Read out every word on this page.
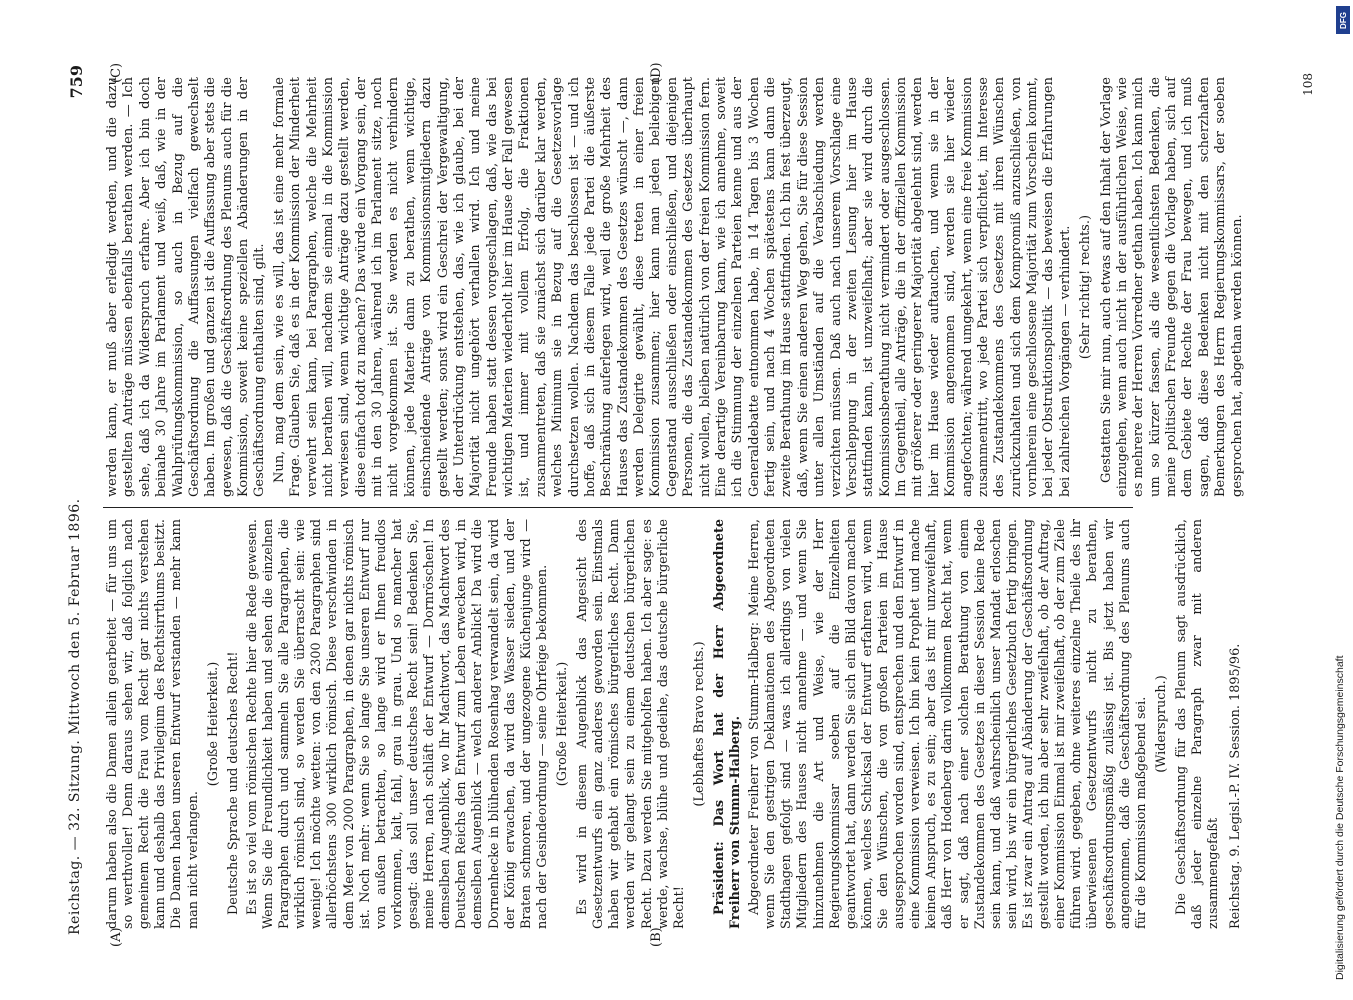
Reichstag. — 32. Sitzung. Mittwoch den 5. Februar 1896.
759
(A)	(B)
(C)	(D)

darum haben also die Damen allein gearbeitet — für uns um so werthvoller! Denn daraus sehen wir, daß folglich nach gemeinem Recht die Frau vom Recht gar nichts verstehen kann und deshalb das Privilegium des Rechtsirrthums besitzt. Die Damen haben unseren Entwurf verstanden — mehr kann man nicht verlangen.

(Große Heiterkeit.) Deutsche Sprache und deutsches Recht! Es ist so viel vom römischen Rechte hier die Rede gewesen. Wenn Sie die Freundlichkeit haben und sehen die einzelnen Paragraphen durch und sammeln Sie alle Paragraphen, die wirklich römisch sind, so werden Sie überrascht sein: wie wenige! Ich möchte wetten: von den 2300 Paragraphen sind allerhöchstens 300 wirklich römisch. Diese verschwinden in dem Meer von 2000 Paragraphen, in denen gar nichts römisch ist. Noch mehr: wenn Sie so lange Sie unseren Entwurf nur von außen betrachten, so lange wird er Ihnen freudlos vorkommen, kalt, fahl, grau in grau. Und so mancher hat gesagt: das soll unser deutsches Recht sein! Bedenken Sie, meine Herren, nach schläft der Entwurf — Dornröschen! In demselben Augenblick, wo Ihr Machtwort, das Machtwort des Deutschen Reichs den Entwurf zum Leben erwecken wird, in demselben Augenblick — welch anderer Anblick! Da wird die Dornenhecke in blühenden Rosenhag verwandelt sein, da wird der König erwachen, da wird das Wasser sieden, und der Braten schmoren, und der ungezogene Küchenjunge wird — nach der Gesindeordnung — seine Ohrfeige bekommen. (Große Heiterkeit.) Es wird in diesem Augenblick das Angesicht des Gesetzentwurfs ein ganz anderes geworden sein. Einstmals haben wir gehabt ein römisches bürgerliches Recht. Dann werden wir gelangt sein zu einem deutschen bürgerlichen Recht. Dazu werden Sie mitgeholfen haben. Ich aber sage: es werde, wachse, blühe und gedeihe, das deutsche bürgerliche Recht!

(Lebhaftes Bravo rechts.) Präsident: Das Wort hat der Herr Abgeordnete Freiherr von Stumm-Halberg. Abgeordneter Freiherr von Stumm-Halberg: Meine Herren, wenn Sie den gestrigen Deklamationen des Abgeordneten Stadthagen gefolgt sind — was ich allerdings von vielen Mitgliedern des Hauses nicht annehme — und wenn Sie hinzunehmen die Art und Weise, wie der Herr Regierungskommissar soeben auf die Einzelheiten geantwortet hat, dann werden Sie sich ein Bild davon machen können, welches Schicksal der Entwurf erfahren wird, wenn Sie den Wünschen, die von großen Parteien im Hause ausgesprochen worden sind, entsprechen und den Entwurf in eine Kommission verweisen. Ich bin kein Prophet und mache keinen Anspruch, es zu sein; aber das ist mir unzweifelhaft, daß Herr von Hodenberg darin vollkommen Recht hat, wenn er sagt, daß nach einer solchen Berathung von einem Zustandekommen des Gesetzes in dieser Session keine Rede sein kann, und daß wahrscheinlich unser Mandat erloschen sein wird, bis wir ein bürgerliches Gesetzbuch fertig bringen. Es ist zwar ein Antrag auf Abänderung der Geschäftsordnung gestellt worden, ich bin aber sehr zweifelhaft, ob der Auftrag, einer Kommission Einmal ist mir zweifelhaft, ob der zum Ziele führen wird. gegeben, ohne weiteres einzelne Theile des ihr überwiesenen Gesetzentwurfs nicht zu berathen, geschäftsordnungsmäßig zulässig ist. Bis jetzt haben wir angenommen, daß die Geschäftsordnung des Plenums auch für die Kommission maßgebend sei. (Widerspruch.) Die Geschäftsordnung für das Plenum sagt ausdrücklich, daß jeder einzelne Paragraph zwar mit anderen zusammengefaßt Reichstag. 9. Legisl.-P. IV. Session. 1895/96.

werden kann, er muß aber erledigt werden, und die dazu gestellten Anträge müssen ebenfalls berathen werden. — Ich sehe, daß ich da Widerspruch erfahre. Aber ich bin doch beinahe 30 Jahre im Parlament und weiß, daß, wie in der Wahlprüfungskommission, so auch in Bezug auf die Geschäftsordnung die Auffassungen vielfach gewechselt haben. Im großen und ganzen ist die Auffassung aber stets die gewesen, daß die Geschäftsordnung des Plenums auch für die Kommission, soweit keine speziellen Abänderungen in der Geschäftsordnung enthalten sind, gilt. Nun, mag dem sein, wie es will, das ist eine mehr formale Frage. Glauben Sie, daß es in der Kommission der Minderheit verwehrt sein kann, bei Paragraphen, welche die Mehrheit nicht berathen will, nachdem sie einmal in die Kommission verwiesen sind, wenn wichtige Anträge dazu gestellt werden, diese einfach todt zu machen? Das würde ein Vorgang sein, der mit in den 30 Jahren, während ich im Parlament sitze, noch nicht vorgekommen ist. Sie werden es nicht verhindern können, jede Materie dann zu berathen, wenn wichtige, einschneidende Anträge von Kommissionsmitgliedern dazu gestellt werden; sonst wird ein Geschrei der Vergewaltigung, der Unterdrückung entstehen, das, wie ich glaube, bei der Majorität nicht ungehört verhallen wird. Ich und meine Freunde haben statt dessen vorgeschlagen, daß, wie das bei wichtigen Materien wiederholt hier im Hause der Fall gewesen ist, und immer mit vollem Erfolg, die Fraktionen zusammentreten, daß sie zunächst sich darüber klar werden, welches Minimum sie in Bezug auf die Gesetzesvorlage durchsetzen wollen. Nachdem das beschlossen ist — und ich hoffe, daß sich in diesem Falle jede Partei die äußerste Beschränkung auferlegen wird, weil die große Mehrheit des Hauses das Zustandekommen des Gesetzes wünscht —, dann werden Delegirte gewählt, diese treten in einer freien Kommission zusammen; hier kann man jeden beliebigen Gegenstand ausschließen oder einschließen, und diejenigen Personen, die das Zustandekommen des Gesetzes überhaupt nicht wollen, bleiben natürlich von der freien Kommission fern. Eine derartige Vereinbarung kann, wie ich annehme, soweit ich die Stimmung der einzelnen Parteien kenne und aus der Generaldebatte entnommen habe, in 14 Tagen bis 3 Wochen fertig sein, und nach 4 Wochen spätestens kann dann die zweite Berathung im Hause stattfinden. Ich bin fest überzeugt, daß, wenn Sie einen anderen Weg gehen, Sie für diese Session unter allen Umständen auf die Verabschiedung werden verzichten müssen. Daß auch nach unserem Vorschlage eine Verschleppung in der zweiten Lesung hier im Hause stattfinden kann, ist unzweifelhaft; aber sie wird durch die Kommissionsberathung nicht vermindert oder ausgeschlossen. Im Gegentheil, alle Anträge, die in der offiziellen Kommission mit größerer oder geringerer Majorität abgelehnt sind, werden hier im Hause wieder auftauchen, und wenn sie in der Kommission angenommen sind, werden sie hier wieder angefochten; während umgekehrt, wenn eine freie Kommission zusammentritt, wo jede Partei sich verpflichtet, im Interesse des Zustandekommens des Gesetzes mit ihren Wünschen zurückzuhalten und sich dem Kompromiß anzuschließen, von vornherein eine geschlossene Majorität zum Vorschein kommt, bei jeder Obstruktionspolitik — das beweisen die Erfahrungen bei zahlreichen Vorgängen — verhindert. (Sehr richtig! rechts.) Gestatten Sie mir nun, auch etwas auf den Inhalt der Vorlage einzugehen, wenn auch nicht in der ausführlichen Weise, wie es mehrere der Herren Vorredner gethan haben. Ich kann mich um so kürzer fassen, als die wesentlichsten Bedenken, die meine politischen Freunde gegen die Vorlage haben, sich auf dem Gebiete der Rechte der Frau bewegen, und ich muß sagen, daß diese Bedenken nicht mit den scherzhaften Bemerkungen des Herrn Regierungskommissars, der soeben gesprochen hat, abgethan werden können.

108
Digitalisierung gefördert durch die Deutsche Forschungsgemeinschaft
DFG
